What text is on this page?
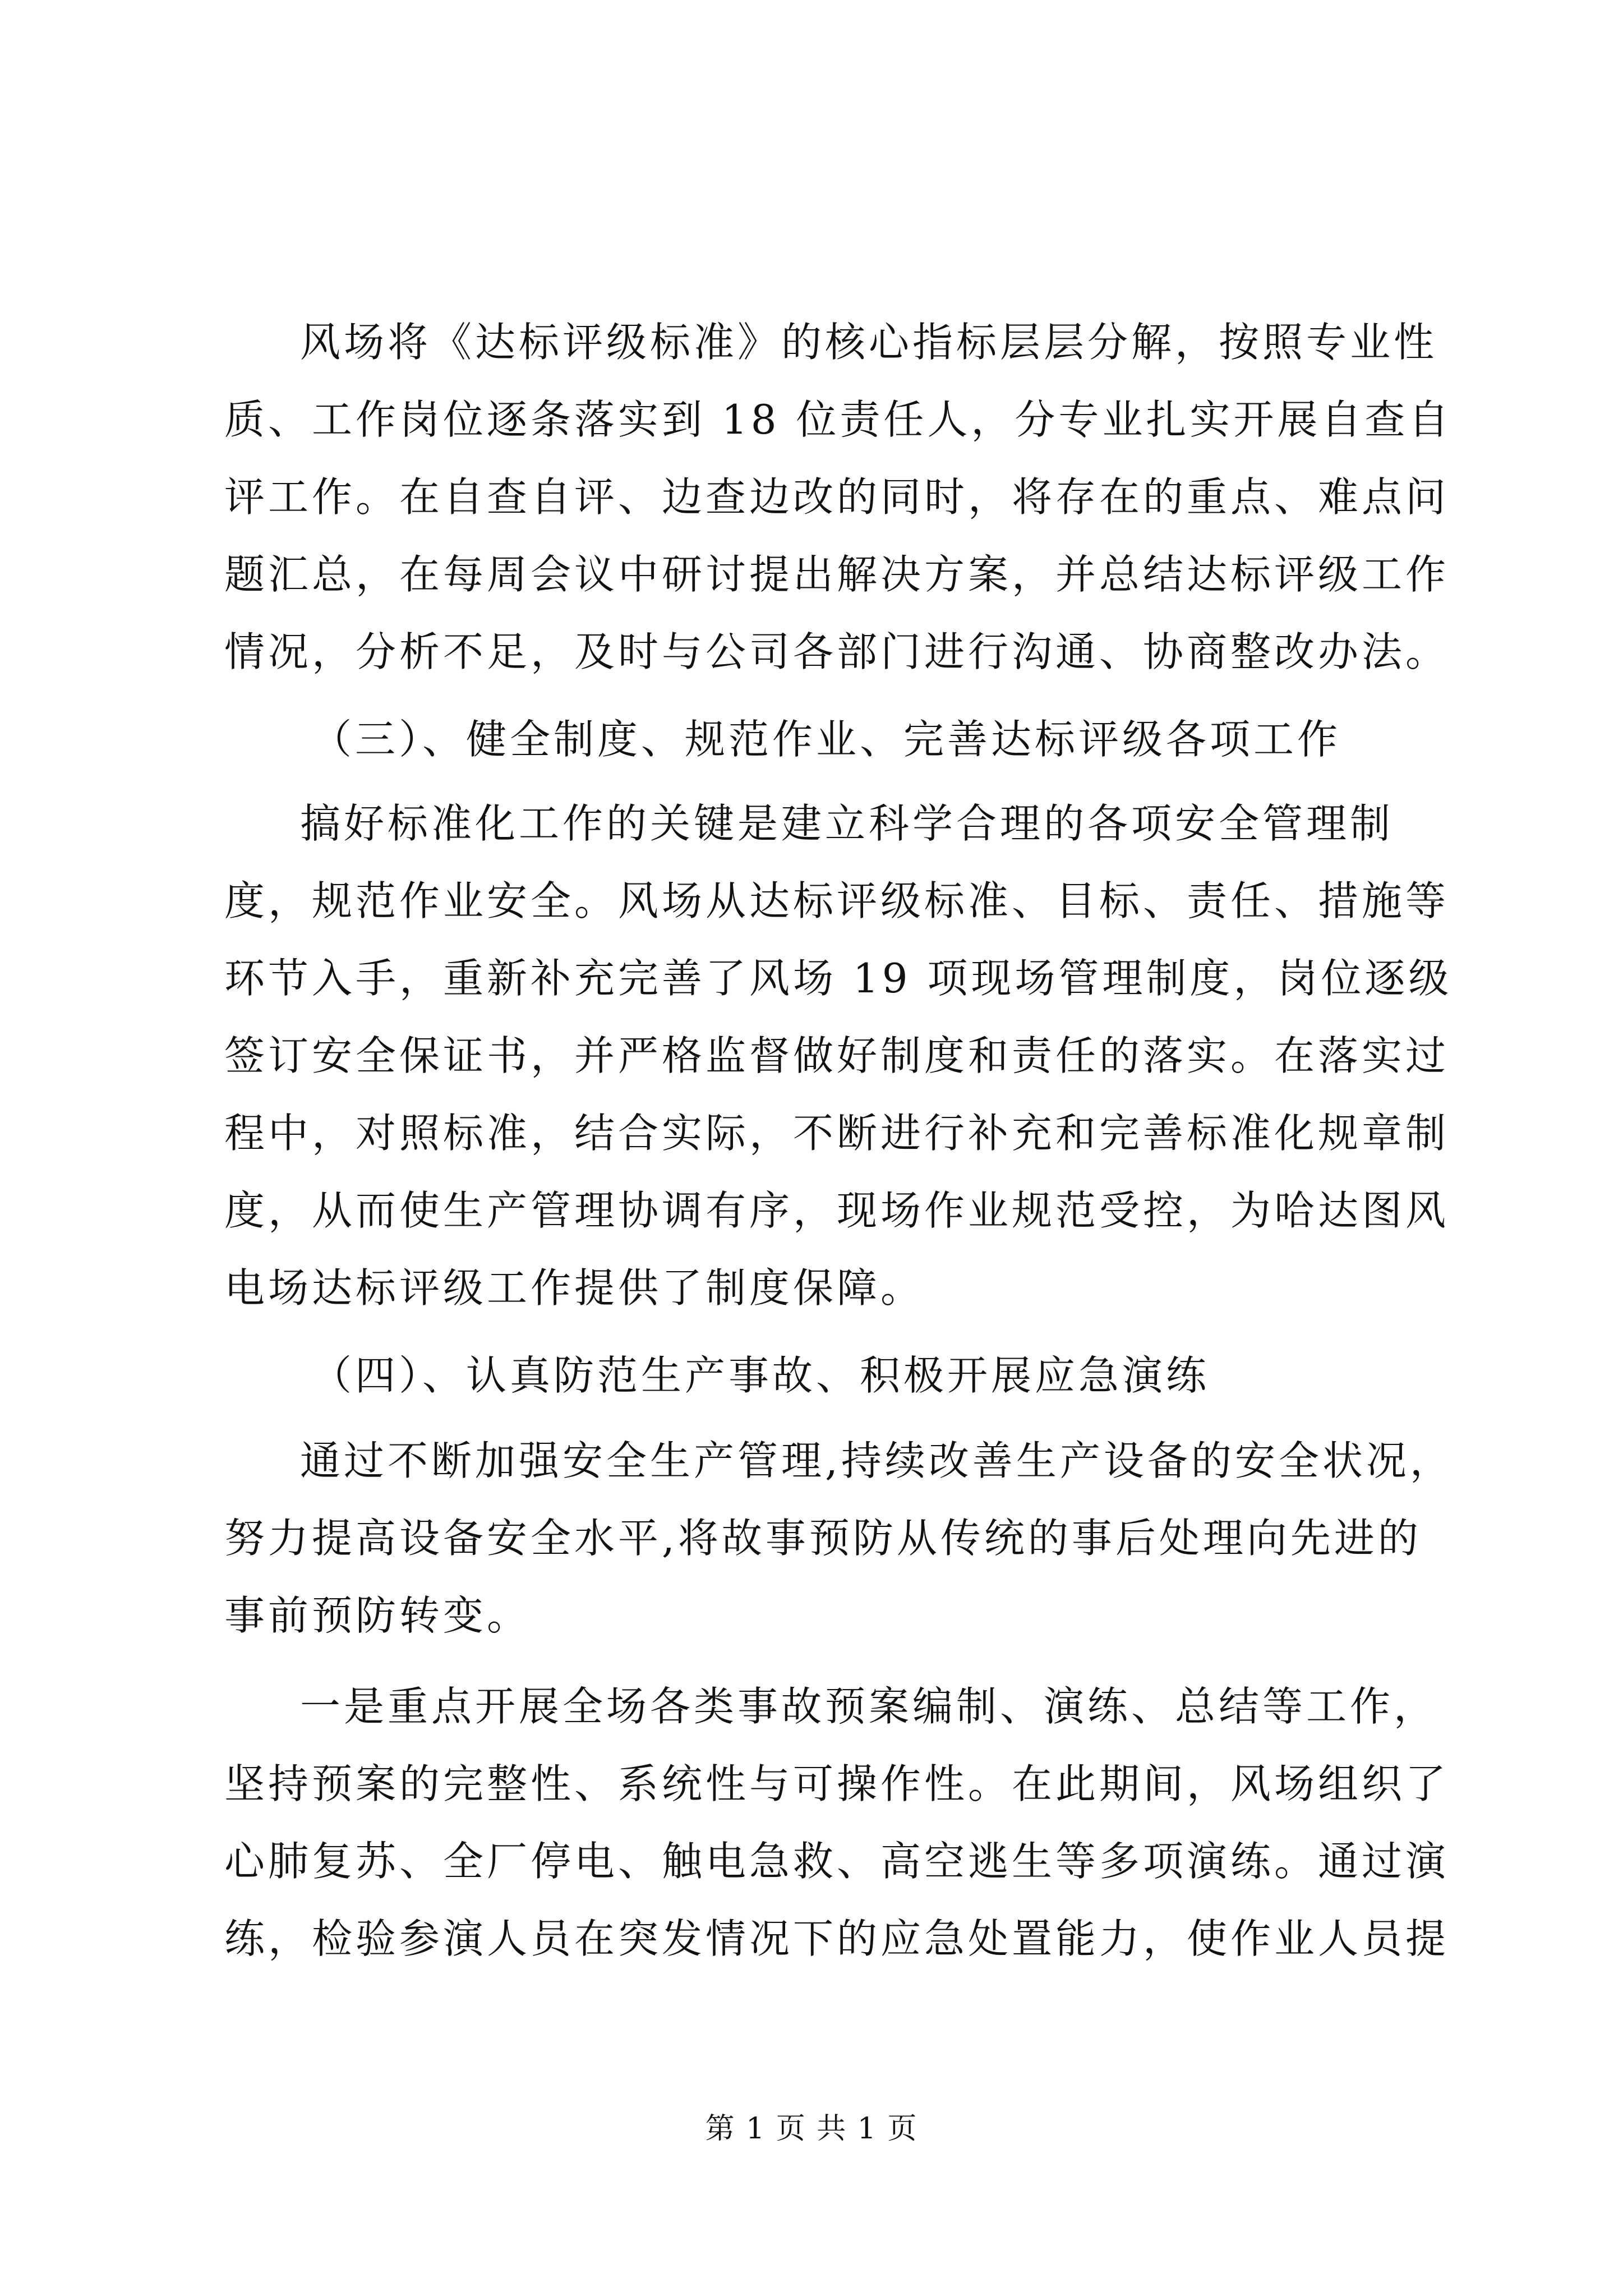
风场将《达标评级标准》的核心指标层层分解，按照专业性
质、工作岗位逐条落实到 18 位责任人，分专业扎实开展自查自
评工作。在自查自评、边查边改的同时，将存在的重点、难点问
题汇总，在每周会议中研讨提出解决方案，并总结达标评级工作
情况，分析不足，及时与公司各部门进行沟通、协商整改办法。
（三）、健全制度、规范作业、完善达标评级各项工作
搞好标准化工作的关键是建立科学合理的各项安全管理制
度，规范作业安全。风场从达标评级标准、目标、责任、措施等
环节入手，重新补充完善了风场 19 项现场管理制度，岗位逐级
签订安全保证书，并严格监督做好制度和责任的落实。在落实过
程中，对照标准，结合实际，不断进行补充和完善标准化规章制
度，从而使生产管理协调有序，现场作业规范受控，为哈达图风
电场达标评级工作提供了制度保障。
（四）、认真防范生产事故、积极开展应急演练
通过不断加强安全生产管理,持续改善生产设备的安全状况，
努力提高设备安全水平,将故事预防从传统的事后处理向先进的
事前预防转变。
一是重点开展全场各类事故预案编制、演练、总结等工作，
坚持预案的完整性、系统性与可操作性。在此期间，风场组织了
心肺复苏、全厂停电、触电急救、高空逃生等多项演练。通过演
练，检验参演人员在突发情况下的应急处置能力，使作业人员提
第 1 页 共 1 页
